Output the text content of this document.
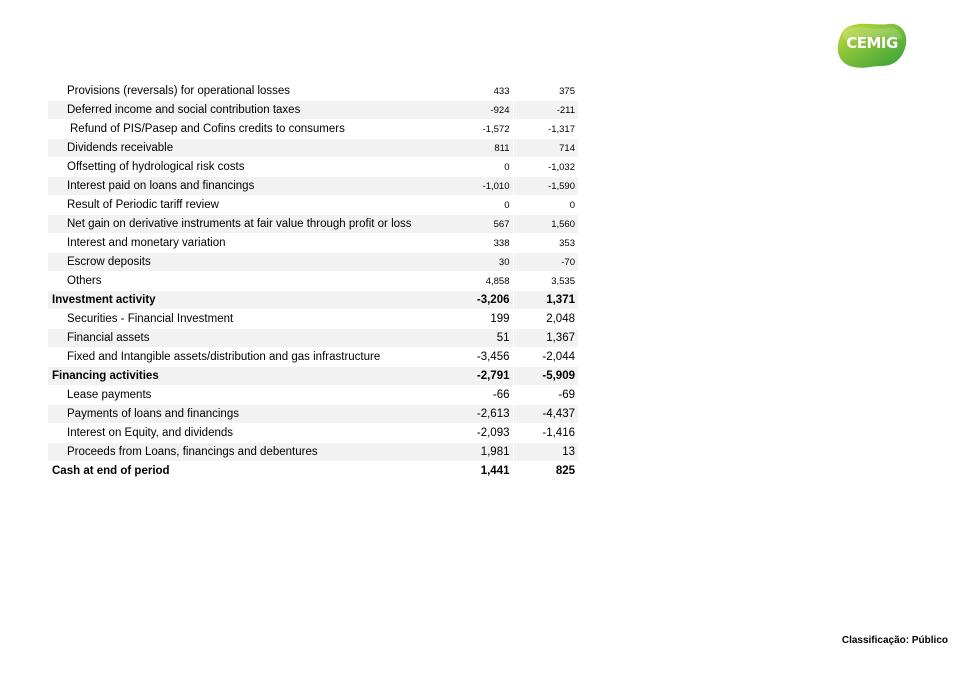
CEMIG
Provisions (reversals) for operational losses	433	375
Deferred income and social contribution taxes	-924	-211
Refund of PIS/Pasep and Cofins credits to consumers	-1,572	-1,317
Dividends receivable	811	714
Offsetting of hydrological risk costs	0	-1,032
Interest paid on loans and financings	-1,010	-1,590
Result of Periodic tariff review	0	0
Net gain on derivative instruments at fair value through profit or loss	567	1,560
Interest and monetary variation	338	353
Escrow deposits	30	-70
Others	4,858	3,535
Investment activity	-3,206	1,371
Securities - Financial Investment	199	2,048
Financial assets	51	1,367
Fixed and Intangible assets/distribution and gas infrastructure	-3,456	-2,044
Financing activities	-2,791	-5,909
Lease payments	-66	-69
Payments of loans and financings	-2,613	-4,437
Interest on Equity, and dividends	-2,093	-1,416
Proceeds from Loans, financings and debentures	1,981	13
Cash at end of period	1,441	825
Classificação: Público
